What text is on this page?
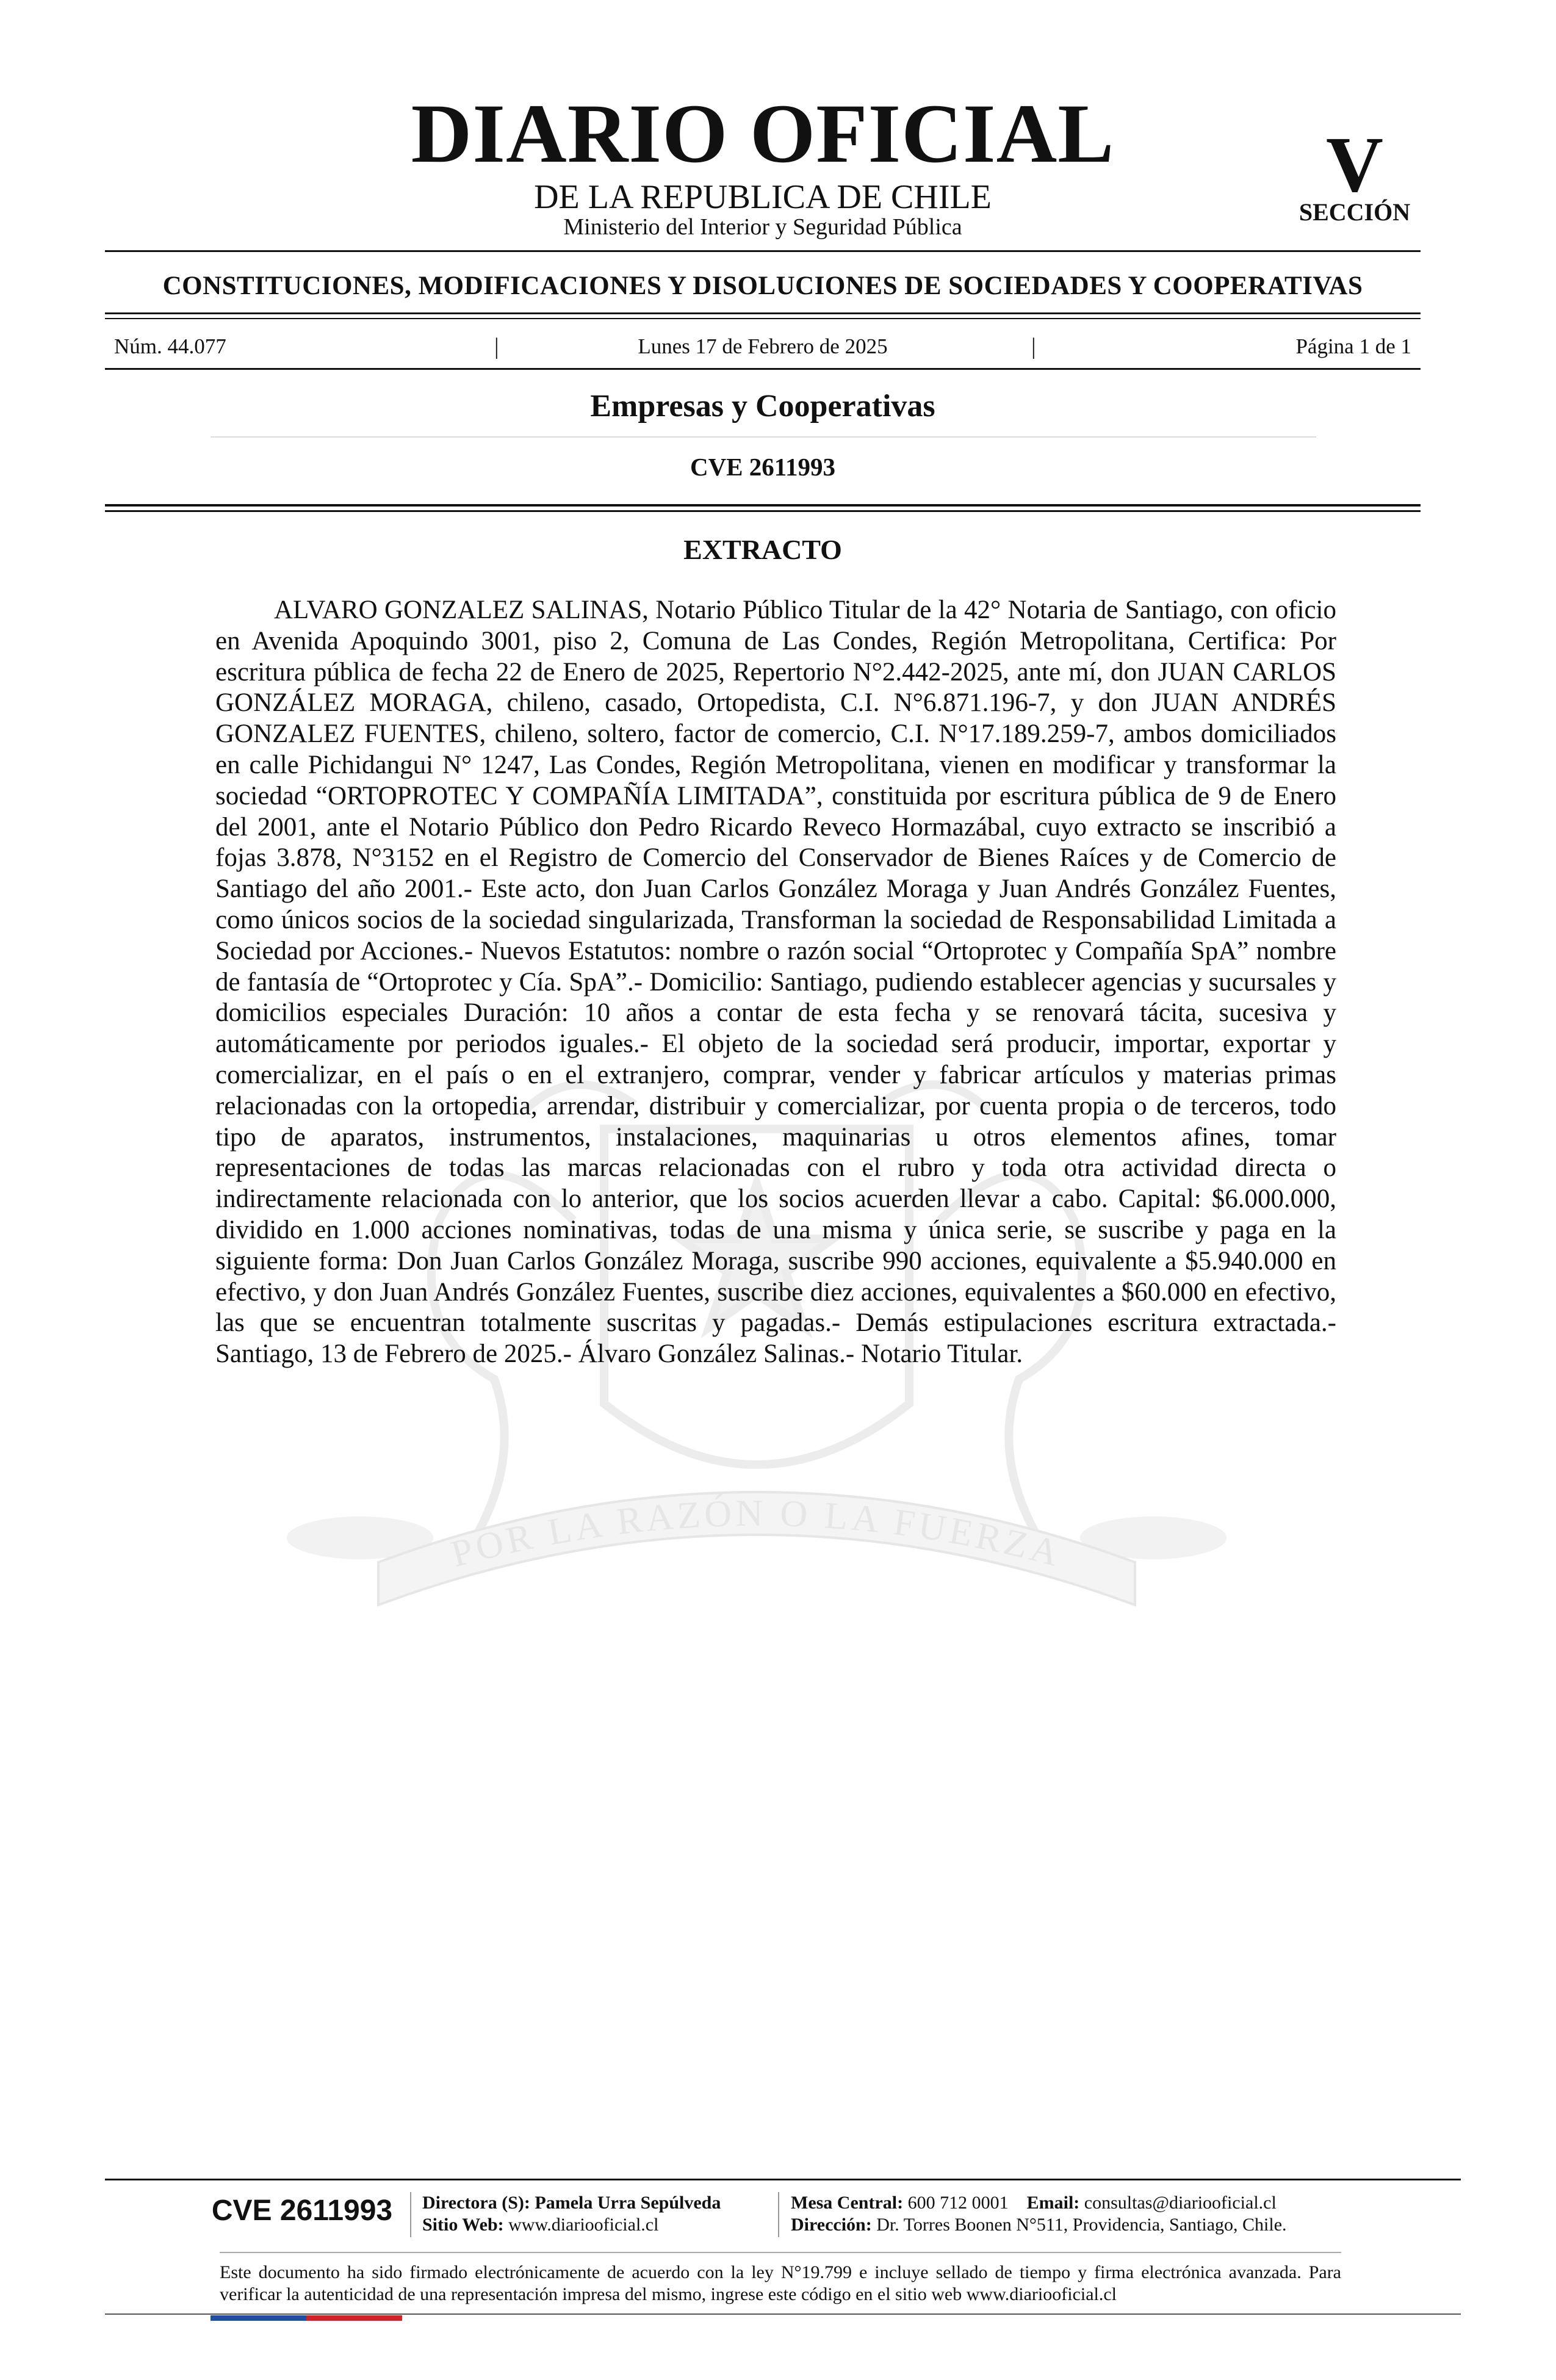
POR LA RAZÓN O LA FUERZA
DIARIO OFICIAL
DE LA REPUBLICA DE CHILE
Ministerio del Interior y Seguridad Pública
V
SECCIÓN
CONSTITUCIONES, MODIFICACIONES Y DISOLUCIONES DE SOCIEDADES Y COOPERATIVAS
Núm. 44.077	|	Lunes 17 de Febrero de 2025	|	Página 1 de 1
Empresas y Cooperativas
CVE 2611993
EXTRACTO

ALVARO GONZALEZ SALINAS, Notario Público Titular de la 42° Notaria de Santiago, con oficio en Avenida Apoquindo 3001, piso 2, Comuna de Las Condes, Región Metropolitana, Certifica: Por escritura pública de fecha 22 de Enero de 2025, Repertorio N°2.442-2025, ante mí, don JUAN CARLOS GONZÁLEZ MORAGA, chileno, casado, Ortopedista, C.I. N°6.871.196-7, y don JUAN ANDRÉS GONZALEZ FUENTES, chileno, soltero, factor de comercio, C.I. N°17.189.259-7, ambos domiciliados en calle Pichidangui N° 1247, Las Condes, Región Metropolitana, vienen en modificar y transformar la sociedad “ORTOPROTEC Y COMPAÑÍA LIMITADA”, constituida por escritura pública de 9 de Enero del 2001, ante el Notario Público don Pedro Ricardo Reveco Hormazábal, cuyo extracto se inscribió a fojas 3.878, N°3152 en el Registro de Comercio del Conservador de Bienes Raíces y de Comercio de Santiago del año 2001.- Este acto, don Juan Carlos González Moraga y Juan Andrés González Fuentes, como únicos socios de la sociedad singularizada, Transforman la sociedad de Responsabilidad Limitada a Sociedad por Acciones.- Nuevos Estatutos: nombre o razón social “Ortoprotec y Compañía SpA” nombre de fantasía de “Ortoprotec y Cía. SpA”.- Domicilio: Santiago, pudiendo establecer agencias y sucursales y domicilios especiales Duración: 10 años a contar de esta fecha y se renovará tácita, sucesiva y automáticamente por periodos iguales.- El objeto de la sociedad será producir, importar, exportar y comercializar, en el país o en el extranjero, comprar, vender y fabricar artículos y materias primas relacionadas con la ortopedia, arrendar, distribuir y comercializar, por cuenta propia o de terceros, todo tipo de aparatos, instrumentos, instalaciones, maquinarias u otros elementos afines, tomar representaciones de todas las marcas relacionadas con el rubro y toda otra actividad directa o indirectamente relacionada con lo anterior, que los socios acuerden llevar a cabo. Capital: $6.000.000, dividido en 1.000 acciones nominativas, todas de una misma y única serie, se suscribe y paga en la siguiente forma: Don Juan Carlos González Moraga, suscribe 990 acciones, equivalente a $5.940.000 en efectivo, y don Juan Andrés González Fuentes, suscribe diez acciones, equivalentes a $60.000 en efectivo, las que se encuentran totalmente suscritas y pagadas.- Demás estipulaciones escritura extractada.- Santiago, 13 de Febrero de 2025.- Álvaro González Salinas.- Notario Titular.

CVE 2611993	Directora (S): Pamela Urra Sepúlveda
Sitio Web: www.diariooficial.cl
Mesa Central: 600 712 0001 Email: consultas@diariooficial.cl
Dirección: Dr. Torres Boonen N°511, Providencia, Santiago, Chile.

Este documento ha sido firmado electrónicamente de acuerdo con la ley N°19.799 e incluye sellado de tiempo y firma electrónica avanzada. Para verificar la autenticidad de una representación impresa del mismo, ingrese este código en el sitio web www.diariooficial.cl
